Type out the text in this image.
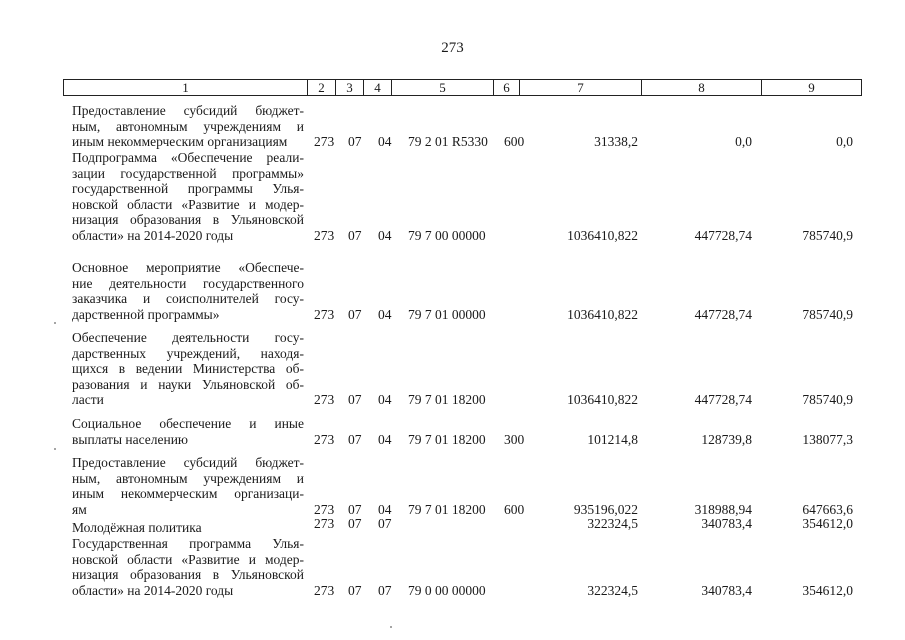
273
1	2	3	4	5	6	7	8	9
Предоставление субсидий бюджет-
ным, автономным учреждениям и
иным некоммерческим организациям	273 07 04 79 2 01 R5330 600	31338,2	0,0	0,0
Подпрограмма «Обеспечение реали-
зации государственной программы»
государственной программы Улья-
новской области «Развитие и модер-
низация образования в Ульяновской
области» на 2014-2020 годы	273 07 04 79 7 00 00000	1036410,822	447728,74	785740,9
Основное мероприятие «Обеспече-
ние деятельности государственного
заказчика и соисполнителей госу-
дарственной программы»	273 07 04 79 7 01 00000	1036410,822	447728,74	785740,9
Обеспечение деятельности госу-
дарственных учреждений, находя-
щихся в ведении Министерства об-
разования и науки Ульяновской об-
ласти	273 07 04 79 7 01 18200	1036410,822	447728,74	785740,9
Социальное обеспечение и иные
выплаты населению	273 07 04 79 7 01 18200 300	101214,8	128739,8	138077,3
Предоставление субсидий бюджет-
ным, автономным учреждениям и
иным некоммерческим организаци-
ям	273 07 04 79 7 01 18200 600	935196,022	318988,94	647663,6
Молодёжная политика	273 07 07	322324,5	340783,4	354612,0
Государственная программа Улья-
новской области «Развитие и модер-
низация образования в Ульяновской
области» на 2014-2020 годы	273 07 07 79 0 00 00000	322324,5	340783,4	354612,0
